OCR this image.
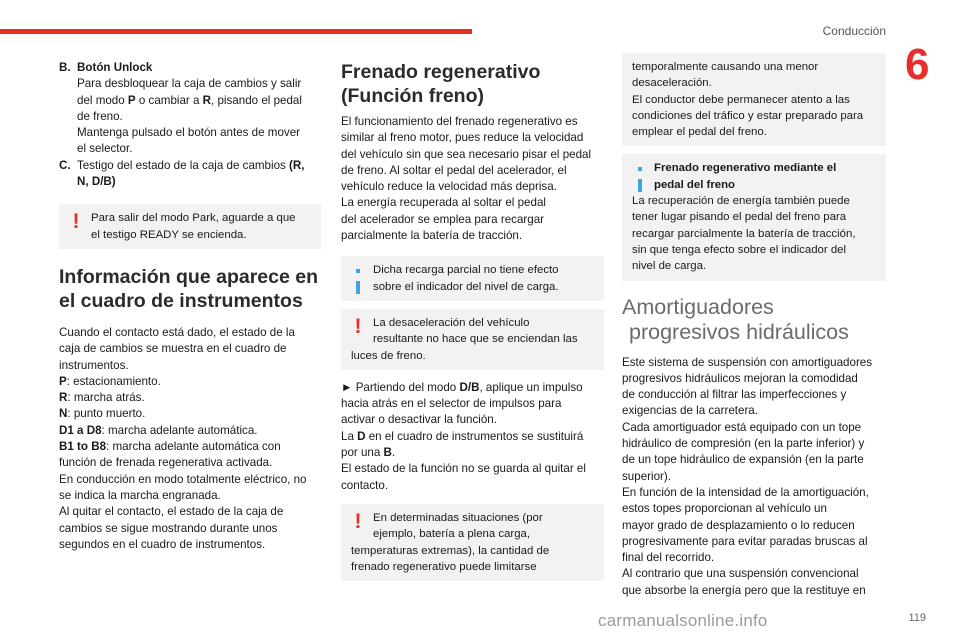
Conducción
6
B. Botón Unlock

Para desbloquear la caja de cambios y salir

del modo P o cambiar a R, pisando el pedal

de freno.

Mantenga pulsado el botón antes de mover

el selector.

C. Testigo del estado de la caja de cambios (R,

N, D/B)

!	Para salir del modo Park, aguarde a que

el testigo READY se encienda.

Información que aparece en
el cuadro de instrumentos

Cuando el contacto está dado, el estado de la

caja de cambios se muestra en el cuadro de

instrumentos.

P: estacionamiento.

R: marcha atrás.

N: punto muerto.

D1 a D8: marcha adelante automática.

B1 to B8: marcha adelante automática con

función de frenada regenerativa activada.

En conducción en modo totalmente eléctrico, no

se indica la marcha engranada.

Al quitar el contacto, el estado de la caja de

cambios se sigue mostrando durante unos

segundos en el cuadro de instrumentos.

Frenado regenerativo
(Función freno)

El funcionamiento del frenado regenerativo es

similar al freno motor, pues reduce la velocidad

del vehículo sin que sea necesario pisar el pedal

de freno. Al soltar el pedal del acelerador, el

vehículo reduce la velocidad más deprisa.

La energía recuperada al soltar el pedal

del acelerador se emplea para recargar

parcialmente la batería de tracción.

Dicha recarga parcial no tiene efecto

sobre el indicador del nivel de carga.

!	La desaceleración del vehículo

resultante no hace que se enciendan las

luces de freno.

► Partiendo del modo D/B, aplique un impulso

hacia atrás en el selector de impulsos para

activar o desactivar la función.

La D en el cuadro de instrumentos se sustituirá

por una B.

El estado de la función no se guarda al quitar el

contacto.

!	En determinadas situaciones (por

ejemplo, batería a plena carga,

temperaturas extremas), la cantidad de

frenado regenerativo puede limitarse

temporalmente causando una menor

desaceleración.

El conductor debe permanecer atento a las

condiciones del tráfico y estar preparado para

emplear el pedal del freno.

Frenado regenerativo mediante el

pedal del freno

La recuperación de energía también puede

tener lugar pisando el pedal del freno para

recargar parcialmente la batería de tracción,

sin que tenga efecto sobre el indicador del

nivel de carga.

Amortiguadores
progresivos hidráulicos

Este sistema de suspensión con amortiguadores

progresivos hidráulicos mejoran la comodidad

de conducción al filtrar las imperfecciones y

exigencias de la carretera.

Cada amortiguador está equipado con un tope

hidráulico de compresión (en la parte inferior) y

de un tope hidráulico de expansión (en la parte

superior).

En función de la intensidad de la amortiguación,

estos topes proporcionan al vehículo un

mayor grado de desplazamiento o lo reducen

progresivamente para evitar paradas bruscas al

final del recorrido.

Al contrario que una suspensión convencional

que absorbe la energía pero que la restituye en

carmanualsonline.info	119
